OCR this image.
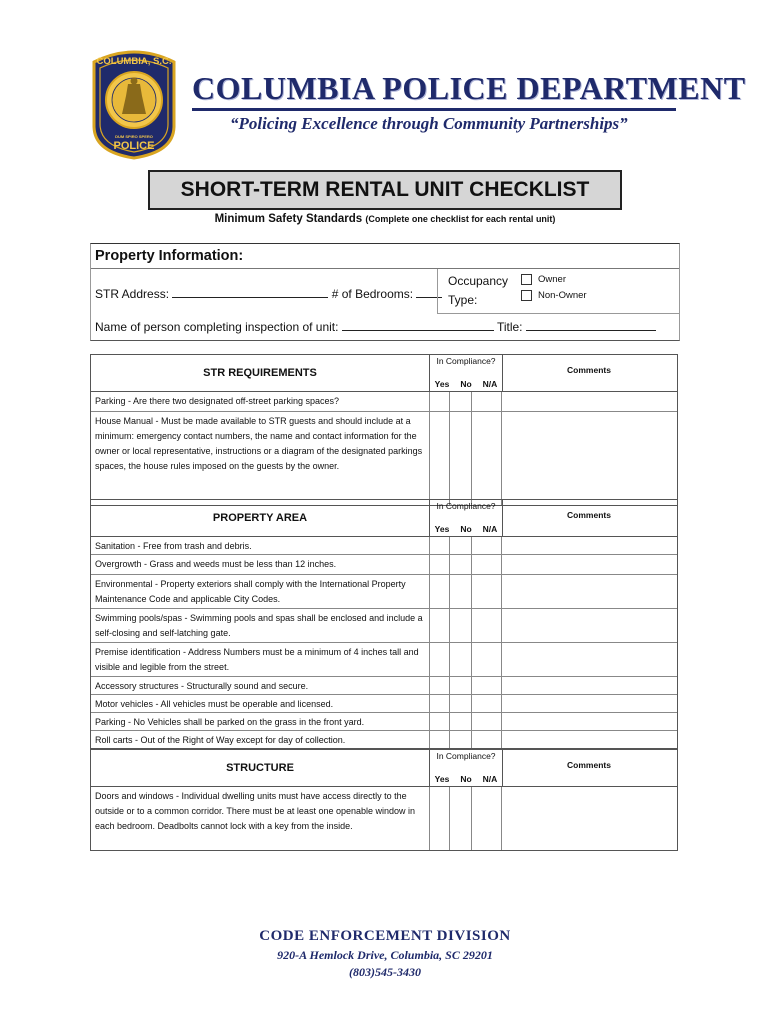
COLUMBIA, S.C.
DUM SPIRO SPERO
POLICE
COLUMBIA POLICE DEPARTMENT
“Policing Excellence through Community Partnerships”
SHORT-TERM RENTAL UNIT CHECKLIST
Minimum Safety Standards (Complete one checklist for each rental unit)
Property Information:
STR Address:	# of Bedrooms:
Occupancy
Type:
Owner
Non-Owner
Name of person completing inspection of unit:	Title:
STR REQUIREMENTS
In Compliance?
Yes	No	N/A
Comments
Parking - Are there two designated off-street parking spaces?
House Manual - Must be made available to STR guests and should include at a minimum: emergency contact numbers, the name and contact information for the owner or local representative, instructions or a diagram of the designated parkings spaces, the house rules imposed on the guests by the owner.
PROPERTY AREA
In Compliance?
Yes	No	N/A
Comments
Sanitation - Free from trash and debris.
Overgrowth - Grass and weeds must be less than 12 inches.
Environmental - Property exteriors shall comply with the International Property Maintenance Code and applicable City Codes.
Swimming pools/spas - Swimming pools and spas shall be enclosed and include a self-closing and self-latching gate.
Premise identification - Address Numbers must be a minimum of 4 inches tall and visible and legible from the street.
Accessory structures - Structurally sound and secure.
Motor vehicles - All vehicles must be operable and licensed.
Parking - No Vehicles shall be parked on the grass in the front yard.
Roll carts - Out of the Right of Way except for day of collection.
STRUCTURE
In Compliance?
Yes	No	N/A
Comments
Doors and windows - Individual dwelling units must have access directly to the outside or to a common corridor. There must be at least one openable window in each bedroom. Deadbolts cannot lock with a key from the inside.
CODE ENFORCEMENT DIVISION
920-A Hemlock Drive, Columbia, SC 29201
(803)545-3430
